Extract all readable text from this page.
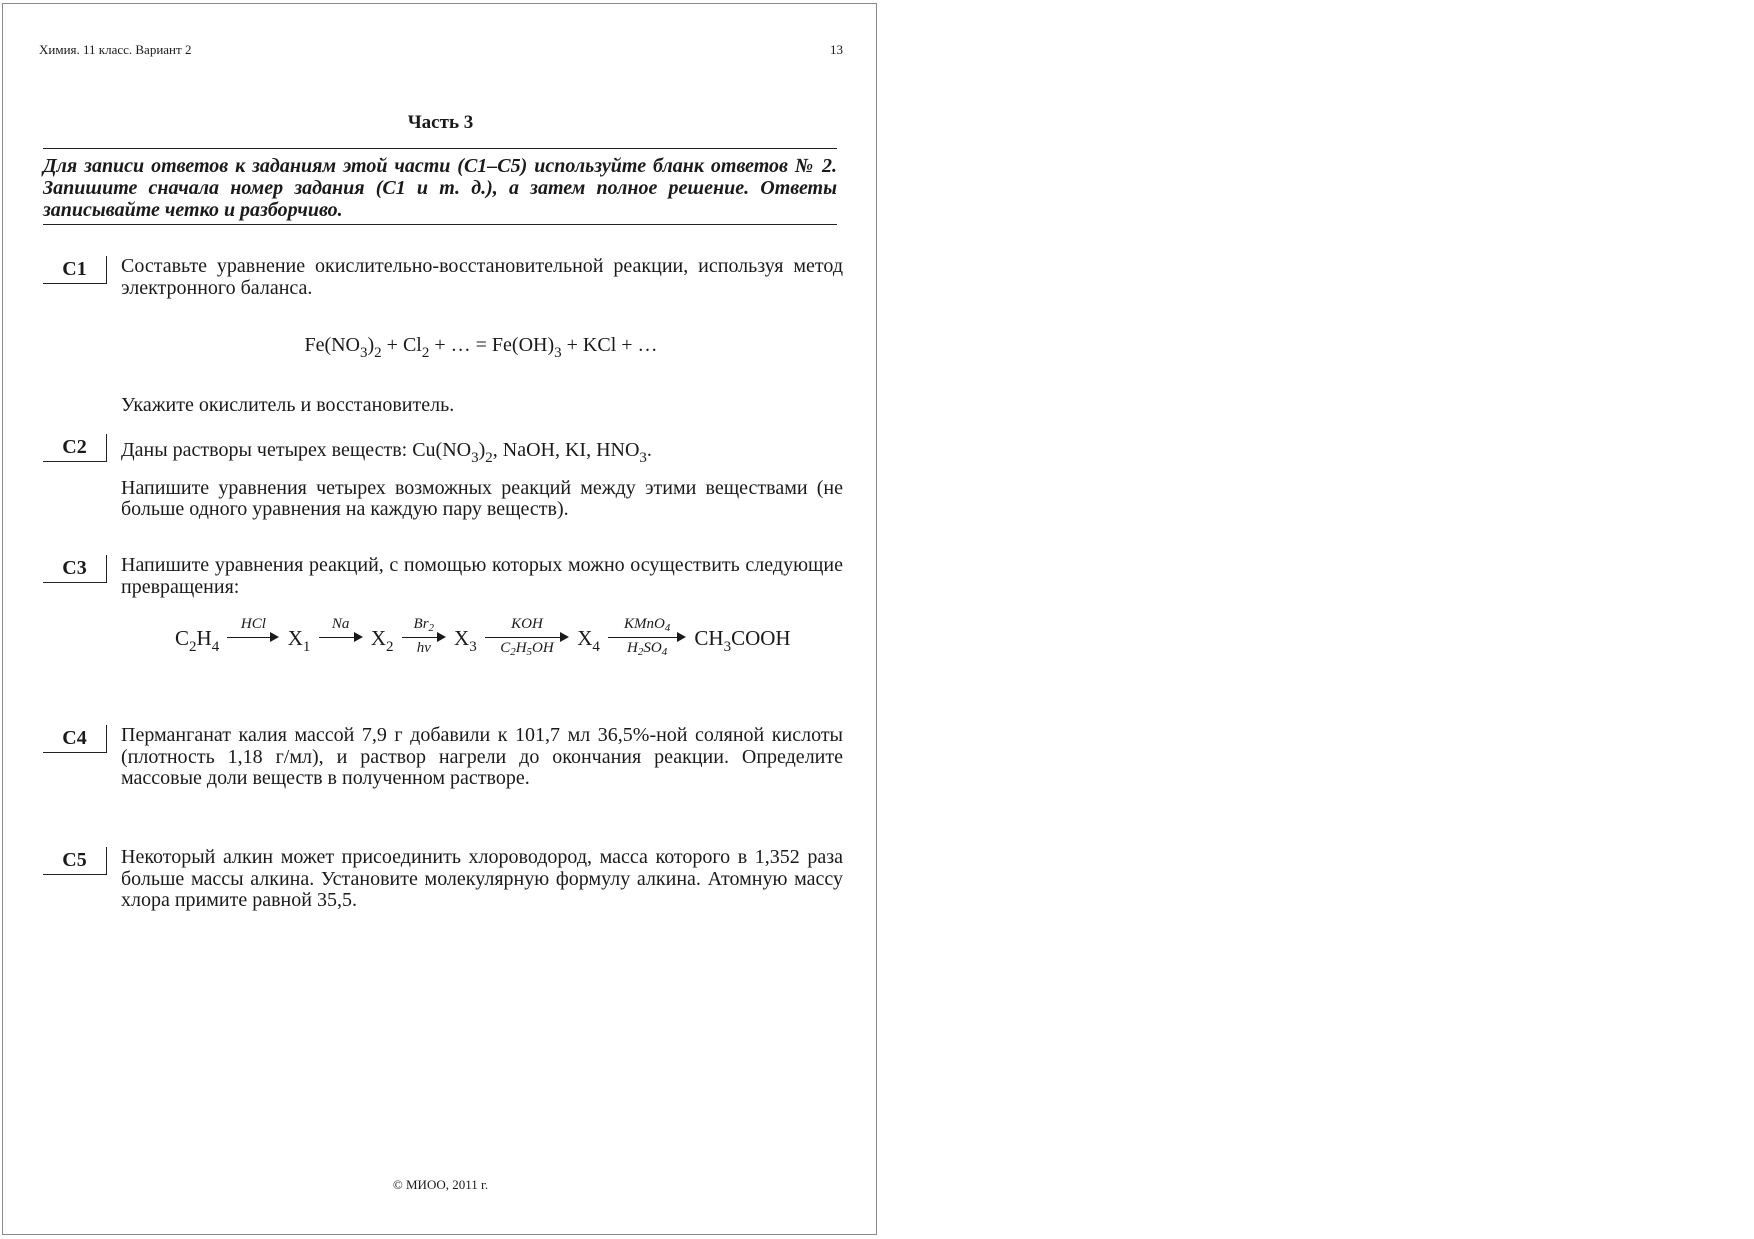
Химия. 11 класс. Вариант 2	13
Часть 3
Для записи ответов к заданиям этой части (C1–C5) используйте бланк ответов № 2. Запишите сначала номер задания (C1 и т. д.), а затем полное решение. Ответы записывайте четко и разборчиво.
C1	Составьте уравнение окислительно-восстановительной реакции, используя метод электронного баланса.

$Fe(NO_3)_2 + Cl_2$ + … = $Fe(OH)_3$ + KCl + …
Укажите окислитель и восстановитель.
C2	Даны растворы четырех веществ: $Cu(NO_3)_2$, NaOH, KI, $HNO_3$.

Напишите уравнения четырех возможных реакций между этими веществами (не больше одного уравнения на каждую пару веществ).

C3	Напишите уравнения реакций, с помощью которых можно осуществить следующие превращения:

$C_2H_4$
HCl
$X_1$
Na
$X_2 \frac{Br_2}{h\nu} X_3$
KOH
$C_2H_5OH$	$X_4$
KMnO$_4$
$H_2SO_4$
$CH_3COOH$
C4	Перманганат калия массой 7,9 г добавили к 101,7 мл 36,5%-ной соляной кислоты (плотность 1,18 г/мл), и раствор нагрели до окончания реакции. Определите массовые доли веществ в полученном растворе.

C5	Некоторый алкин может присоединить хлороводород, масса которого в 1,352 раза больше массы алкина. Установите молекулярную формулу алкина. Атомную массу хлора примите равной 35,5.

© МИОО, 2011 г.
